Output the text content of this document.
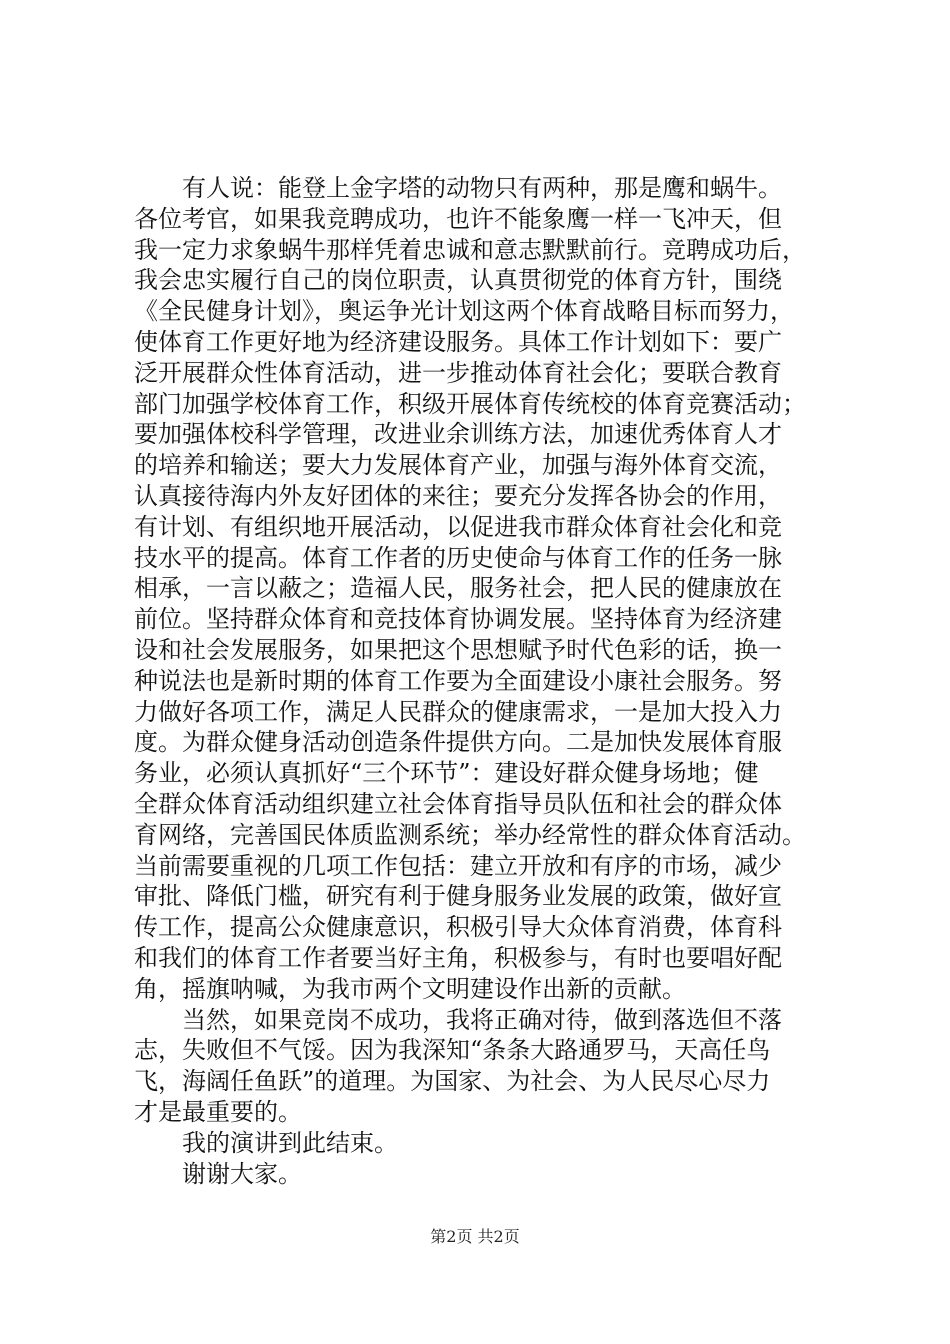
　　有人说：能登上金字塔的动物只有两种，那是鹰和蜗牛。
各位考官，如果我竞聘成功，也许不能象鹰一样一飞冲天，但
我一定力求象蜗牛那样凭着忠诚和意志默默前行。竞聘成功后，
我会忠实履行自己的岗位职责，认真贯彻党的体育方针，围绕
《全民健身计划》，奥运争光计划这两个体育战略目标而努力，
使体育工作更好地为经济建设服务。具体工作计划如下：要广
泛开展群众性体育活动，进一步推动体育社会化；要联合教育
部门加强学校体育工作，积级开展体育传统校的体育竞赛活动；
要加强体校科学管理，改进业余训练方法，加速优秀体育人才
的培养和输送；要大力发展体育产业，加强与海外体育交流，
认真接待海内外友好团体的来往；要充分发挥各协会的作用，
有计划、有组织地开展活动，以促进我市群众体育社会化和竞
技水平的提高。体育工作者的历史使命与体育工作的任务一脉
相承，一言以蔽之；造福人民，服务社会，把人民的健康放在
前位。坚持群众体育和竞技体育协调发展。坚持体育为经济建
设和社会发展服务，如果把这个思想赋予时代色彩的话，换一
种说法也是新时期的体育工作要为全面建设小康社会服务。努
力做好各项工作，满足人民群众的健康需求，一是加大投入力
度。为群众健身活动创造条件提供方向。二是加快发展体育服
务业，必须认真抓好“三个环节”：建设好群众健身场地；健
全群众体育活动组织建立社会体育指导员队伍和社会的群众体
育网络，完善国民体质监测系统；举办经常性的群众体育活动。
当前需要重视的几项工作包括：建立开放和有序的市场，减少
审批、降低门槛，研究有利于健身服务业发展的政策，做好宣
传工作，提高公众健康意识，积极引导大众体育消费，体育科
和我们的体育工作者要当好主角，积极参与，有时也要唱好配
角，摇旗呐喊，为我市两个文明建设作出新的贡献。
　　当然，如果竞岗不成功，我将正确对待，做到落选但不落
志，失败但不气馁。因为我深知“条条大路通罗马，天高任鸟
飞，海阔任鱼跃”的道理。为国家、为社会、为人民尽心尽力
才是最重要的。
　　我的演讲到此结束。
　　谢谢大家。
第2页 共2页
